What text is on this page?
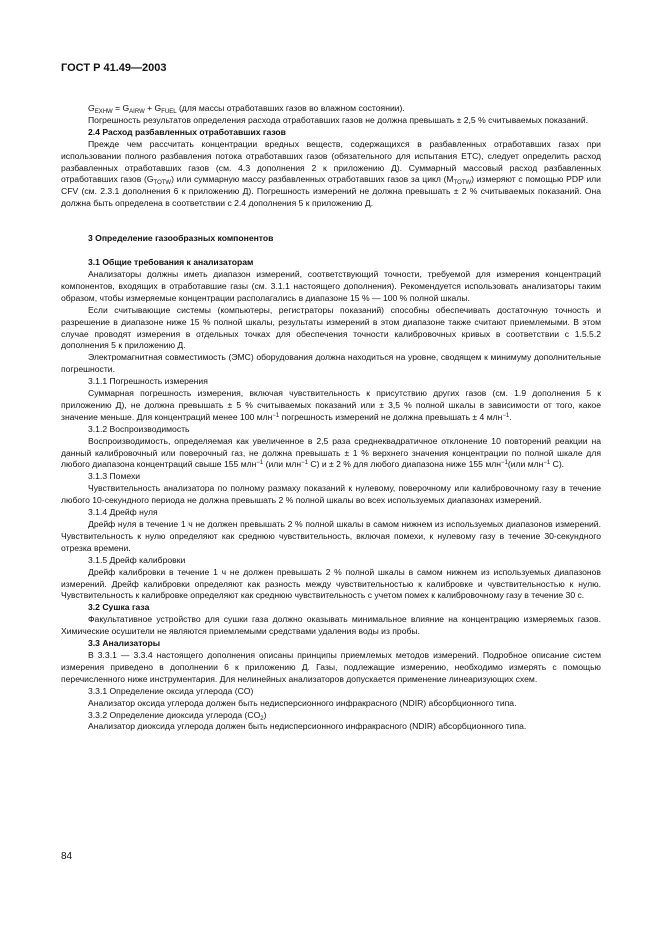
ГОСТ Р 41.49—2003

$G_{EXHW} = G_{AIRW} + G_{FUEL}$ (для массы отработавших газов во влажном состоянии).

Погрешность результатов определения расхода отработавших газов не должна превышать ± 2,5 % считываемых показаний.

2.4 Расход разбавленных отработавших газов

Прежде чем рассчитать концентрации вредных веществ, содержащихся в разбавленных отработавших газах при использовании полного разбавления потока отработавших газов (обязательного для испытания ETC), следует определить расход разбавленных отработавших газов (см. 4.3 дополнения 2 к приложению Д). Суммарный массовый расход разбавленных отработавших газов $(G_{TOTW})$ или суммарную массу разбавленных отработавших газов за цикл $(M_{TOTW})$ измеряют с помощью PDP или CFV (см. 2.3.1 дополнения 6 к приложению Д). Погрешность измерений не должна превышать ± 2 % считываемых показаний. Она должна быть определена в соответствии с 2.4 дополнения 5 к приложению Д.

3 Определение газообразных компонентов

3.1 Общие требования к анализаторам

Анализаторы должны иметь диапазон измерений, соответствующий точности, требуемой для измерения концентраций компонентов, входящих в отработавшие газы (см. 3.1.1 настоящего дополнения). Рекомендуется использовать анализаторы таким образом, чтобы измеряемые концентрации располагались в диапазоне 15 % — 100 % полной шкалы.

Если считывающие системы (компьютеры, регистраторы показаний) способны обеспечивать достаточную точность и разрешение в диапазоне ниже 15 % полной шкалы, результаты измерений в этом диапазоне также считают приемлемыми. В этом случае проводят измерения в отдельных точках для обеспечения точности калибровочных кривых в соответствии с 1.5.5.2 дополнения 5 к приложению Д.

Электромагнитная совместимость (ЭМС) оборудования должна находиться на уровне, сводящем к минимуму дополнительные погрешности.

3.1.1 Погрешность измерения

Суммарная погрешность измерения, включая чувствительность к присутствию других газов (см. 1.9 дополнения 5 к приложению Д), не должна превышать ± 5 % считываемых показаний или ± 3,5 % полной шкалы в зависимости от того, какое значение меньше. Для концентраций менее 100 млн$^{-1}$ погрешность измерений не должна превышать ± 4 млн$^{-1}$.

3.1.2 Воспроизводимость

Воспроизводимость, определяемая как увеличенное в 2,5 раза среднеквадратичное отклонение 10 повторений реакции на данный калибровочный или поверочный газ, не должна превышать ± 1 % верхнего значения концентрации по полной шкале для любого диапазона концентраций свыше 155 млн$^{-1}$ (или млн$^{-1}$ С) и ± 2 % для любого диапазона ниже 155 млн$^{-1}$(или млн$^{-1}$ С).

3.1.3 Помехи

Чувствительность анализатора по полному размаху показаний к нулевому, поверочному или калибровочному газу в течение любого 10-секундного периода не должна превышать 2 % полной шкалы во всех используемых диапазонах измерений.

3.1.4 Дрейф нуля

Дрейф нуля в течение 1 ч не должен превышать 2 % полной шкалы в самом нижнем из используемых диапазонов измерений. Чувствительность к нулю определяют как среднюю чувствительность, включая помехи, к нулевому газу в течение 30-секундного отрезка времени.

3.1.5 Дрейф калибровки

Дрейф калибровки в течение 1 ч не должен превышать 2 % полной шкалы в самом нижнем из используемых диапазонов измерений. Дрейф калибровки определяют как разность между чувствительностью к калибровке и чувствительностью к нулю. Чувствительность к калибровке определяют как среднюю чувствительность с учетом помех к калибровочному газу в течение 30 с.

3.2 Сушка газа

Факультативное устройство для сушки газа должно оказывать минимальное влияние на концентрацию измеряемых газов. Химические осушители не являются приемлемыми средствами удаления воды из пробы.

3.3 Анализаторы

В 3.3.1 — 3.3.4 настоящего дополнения описаны принципы приемлемых методов измерений. Подробное описание систем измерения приведено в дополнении 6 к приложению Д. Газы, подлежащие измерению, необходимо измерять с помощью перечисленного ниже инструментария. Для нелинейных анализаторов допускается применение линеаризующих схем.

3.3.1 Определение оксида углерода (CO)

Анализатор оксида углерода должен быть недисперсионного инфракрасного (NDIR) абсорбционного типа.

3.3.2 Определение диоксида углерода $(CO_2)$

Анализатор диоксида углерода должен быть недисперсионного инфракрасного (NDIR) абсорбционного типа.

84
